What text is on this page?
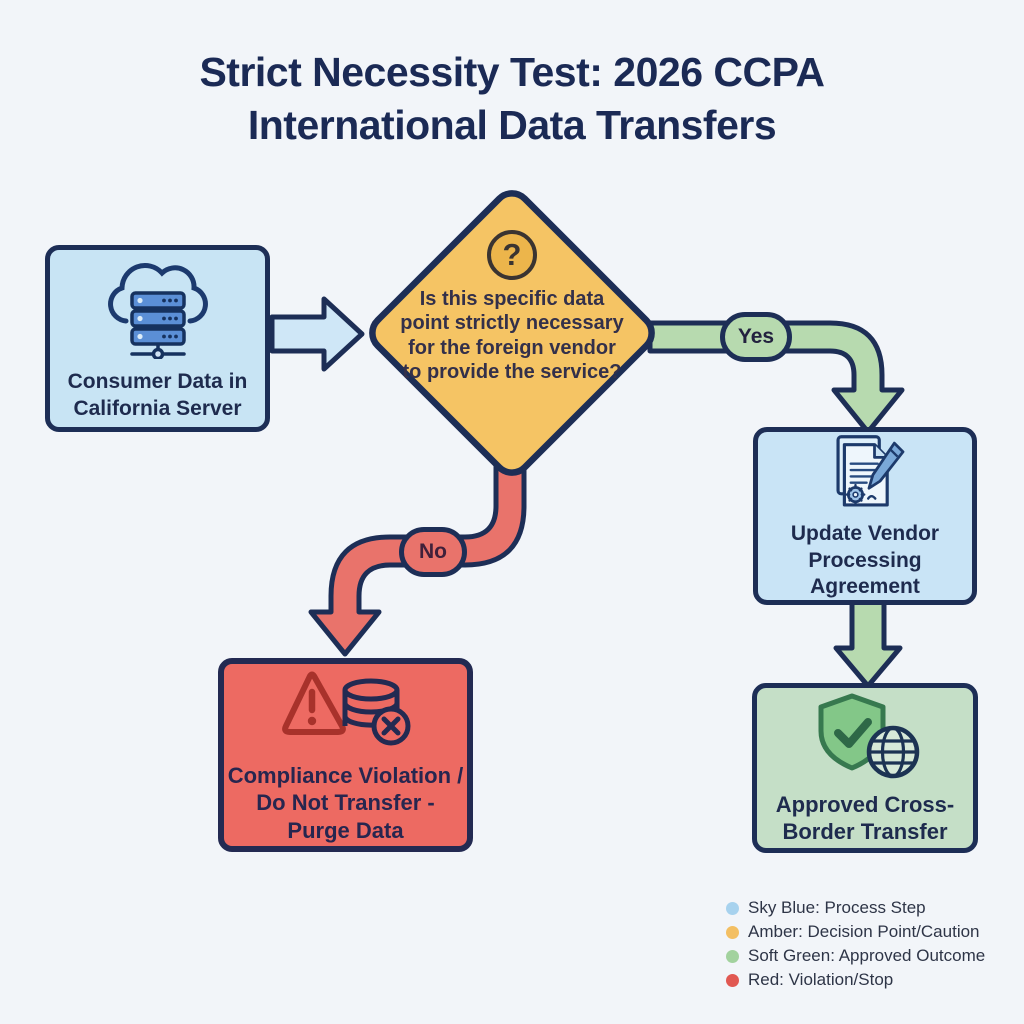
Strict Necessity Test: 2026 CCPA International Data Transfers
Consumer Data in California Server
?
Is this specific data point strictly necessary for the foreign vendor to provide the service?
Yes
No
Update Vendor Processing Agreement
Compliance Violation / Do Not Transfer - Purge Data
Approved Cross-Border Transfer
Sky Blue: Process Step
Amber: Decision Point/Caution
Soft Green: Approved Outcome
Red: Violation/Stop
